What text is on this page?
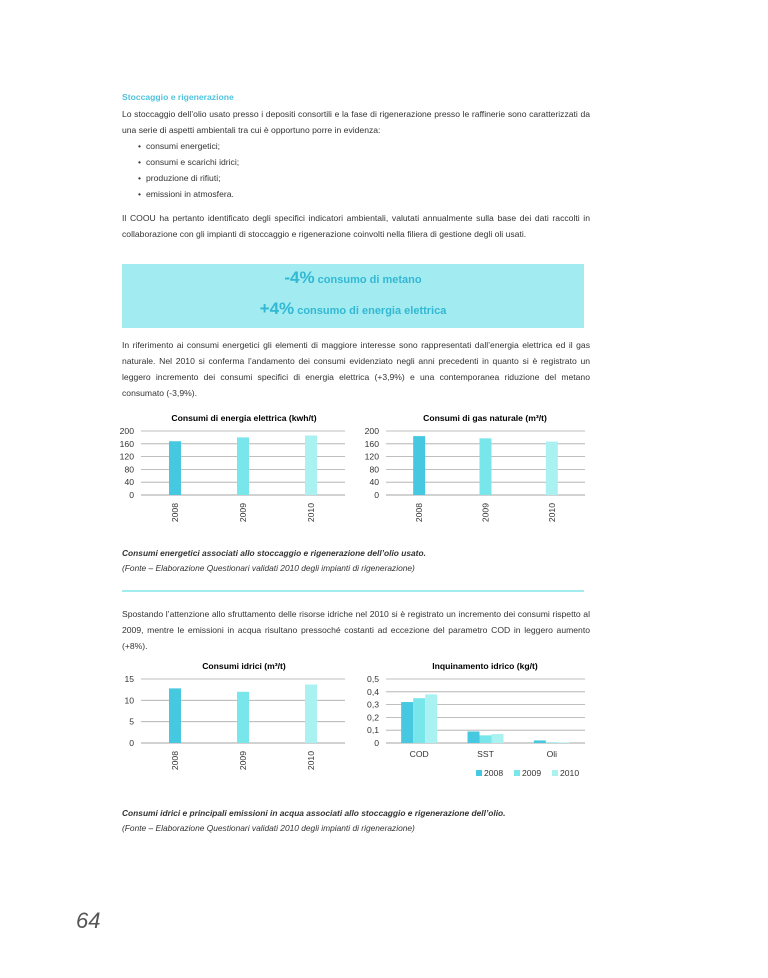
Stoccaggio e rigenerazione
Lo stoccaggio dell’olio usato presso i depositi consortili e la fase di rigenerazione presso le raffinerie sono caratterizzati da una serie di aspetti ambientali tra cui è opportuno porre in evidenza:
• consumi energetici;
• consumi e scarichi idrici;
• produzione di rifiuti;
• emissioni in atmosfera.
Il COOU ha pertanto identificato degli specifici indicatori ambientali, valutati annualmente sulla base dei dati raccolti in collaborazione con gli impianti di stoccaggio e rigenerazione coinvolti nella filiera di gestione degli oli usati.
-4% consumo di metano
+4% consumo di energia elettrica
In riferimento ai consumi energetici gli elementi di maggiore interesse sono rappresentati dall’energia elettrica ed il gas naturale. Nel 2010 si conferma l’andamento dei consumi evidenziato negli anni precedenti in quanto si è registrato un leggero incremento dei consumi specifici di energia elettrica (+3,9%) e una contemporanea riduzione del metano consumato (-3,9%).
Consumi di energia elettrica (kwh/t)
200
160
120
80
40
0
2008	2009	2010
Consumi di gas naturale (m³/t)
200
160
120
80
40
0
2008	2009	2010
Consumi energetici associati allo stoccaggio e rigenerazione dell’olio usato.
(Fonte – Elaborazione Questionari validati 2010 degli impianti di rigenerazione)
Spostando l’attenzione allo sfruttamento delle risorse idriche nel 2010 si è registrato un incremento dei consumi rispetto al 2009, mentre le emissioni in acqua risultano pressoché costanti ad eccezione del parametro COD in leggero aumento (+8%).
Consumi idrici (m³/t)
15
10
5
0
2008	2009	2010
Inquinamento idrico (kg/t)
0,5
0,4
0,3
0,2
0,1
0
COD	SST	Oli
2008 2009 2010
Consumi idrici e principali emissioni in acqua associati allo stoccaggio e rigenerazione dell’olio.
(Fonte – Elaborazione Questionari validati 2010 degli impianti di rigenerazione)
64
